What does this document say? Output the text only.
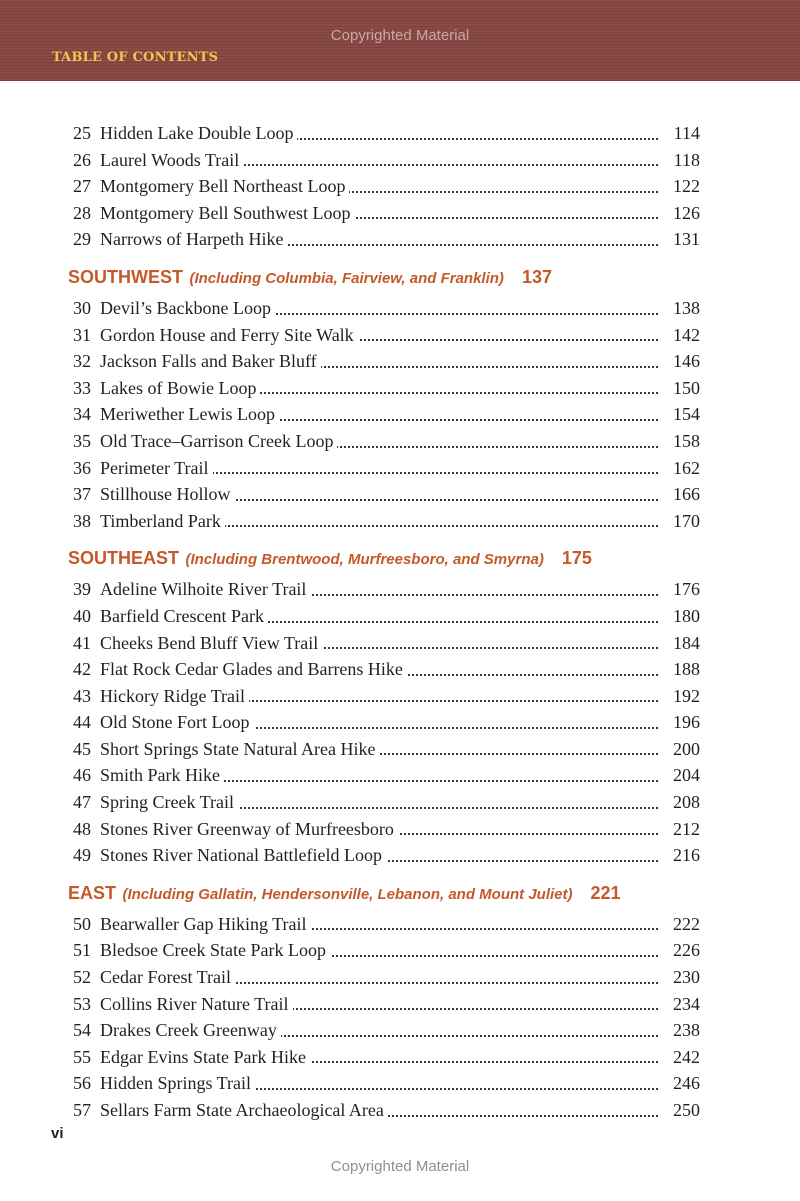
Copyrighted Material
TABLE OF CONTENTS
25 Hidden Lake Double Loop	114
26 Laurel Woods Trail	118
27 Montgomery Bell Northeast Loop	122
28 Montgomery Bell Southwest Loop	126
29 Narrows of Harpeth Hike	131
SOUTHWEST (Including Columbia, Fairview, and Franklin) 137
30 Devil’s Backbone Loop	138
31 Gordon House and Ferry Site Walk	142
32 Jackson Falls and Baker Bluff	146
33 Lakes of Bowie Loop	150
34 Meriwether Lewis Loop	154
35 Old Trace–Garrison Creek Loop	158
36 Perimeter Trail	162
37 Stillhouse Hollow	166
38 Timberland Park	170
SOUTHEAST (Including Brentwood, Murfreesboro, and Smyrna) 175
39 Adeline Wilhoite River Trail	176
40 Barfield Crescent Park	180
41 Cheeks Bend Bluff View Trail	184
42 Flat Rock Cedar Glades and Barrens Hike	188
43 Hickory Ridge Trail	192
44 Old Stone Fort Loop	196
45 Short Springs State Natural Area Hike	200
46 Smith Park Hike	204
47 Spring Creek Trail	208
48 Stones River Greenway of Murfreesboro	212
49 Stones River National Battlefield Loop	216
EAST (Including Gallatin, Hendersonville, Lebanon, and Mount Juliet) 221
50 Bearwaller Gap Hiking Trail	222
51 Bledsoe Creek State Park Loop	226
52 Cedar Forest Trail	230
53 Collins River Nature Trail	234
54 Drakes Creek Greenway	238
55 Edgar Evins State Park Hike	242
56 Hidden Springs Trail	246
57 Sellars Farm State Archaeological Area	250
vi
Copyrighted Material
